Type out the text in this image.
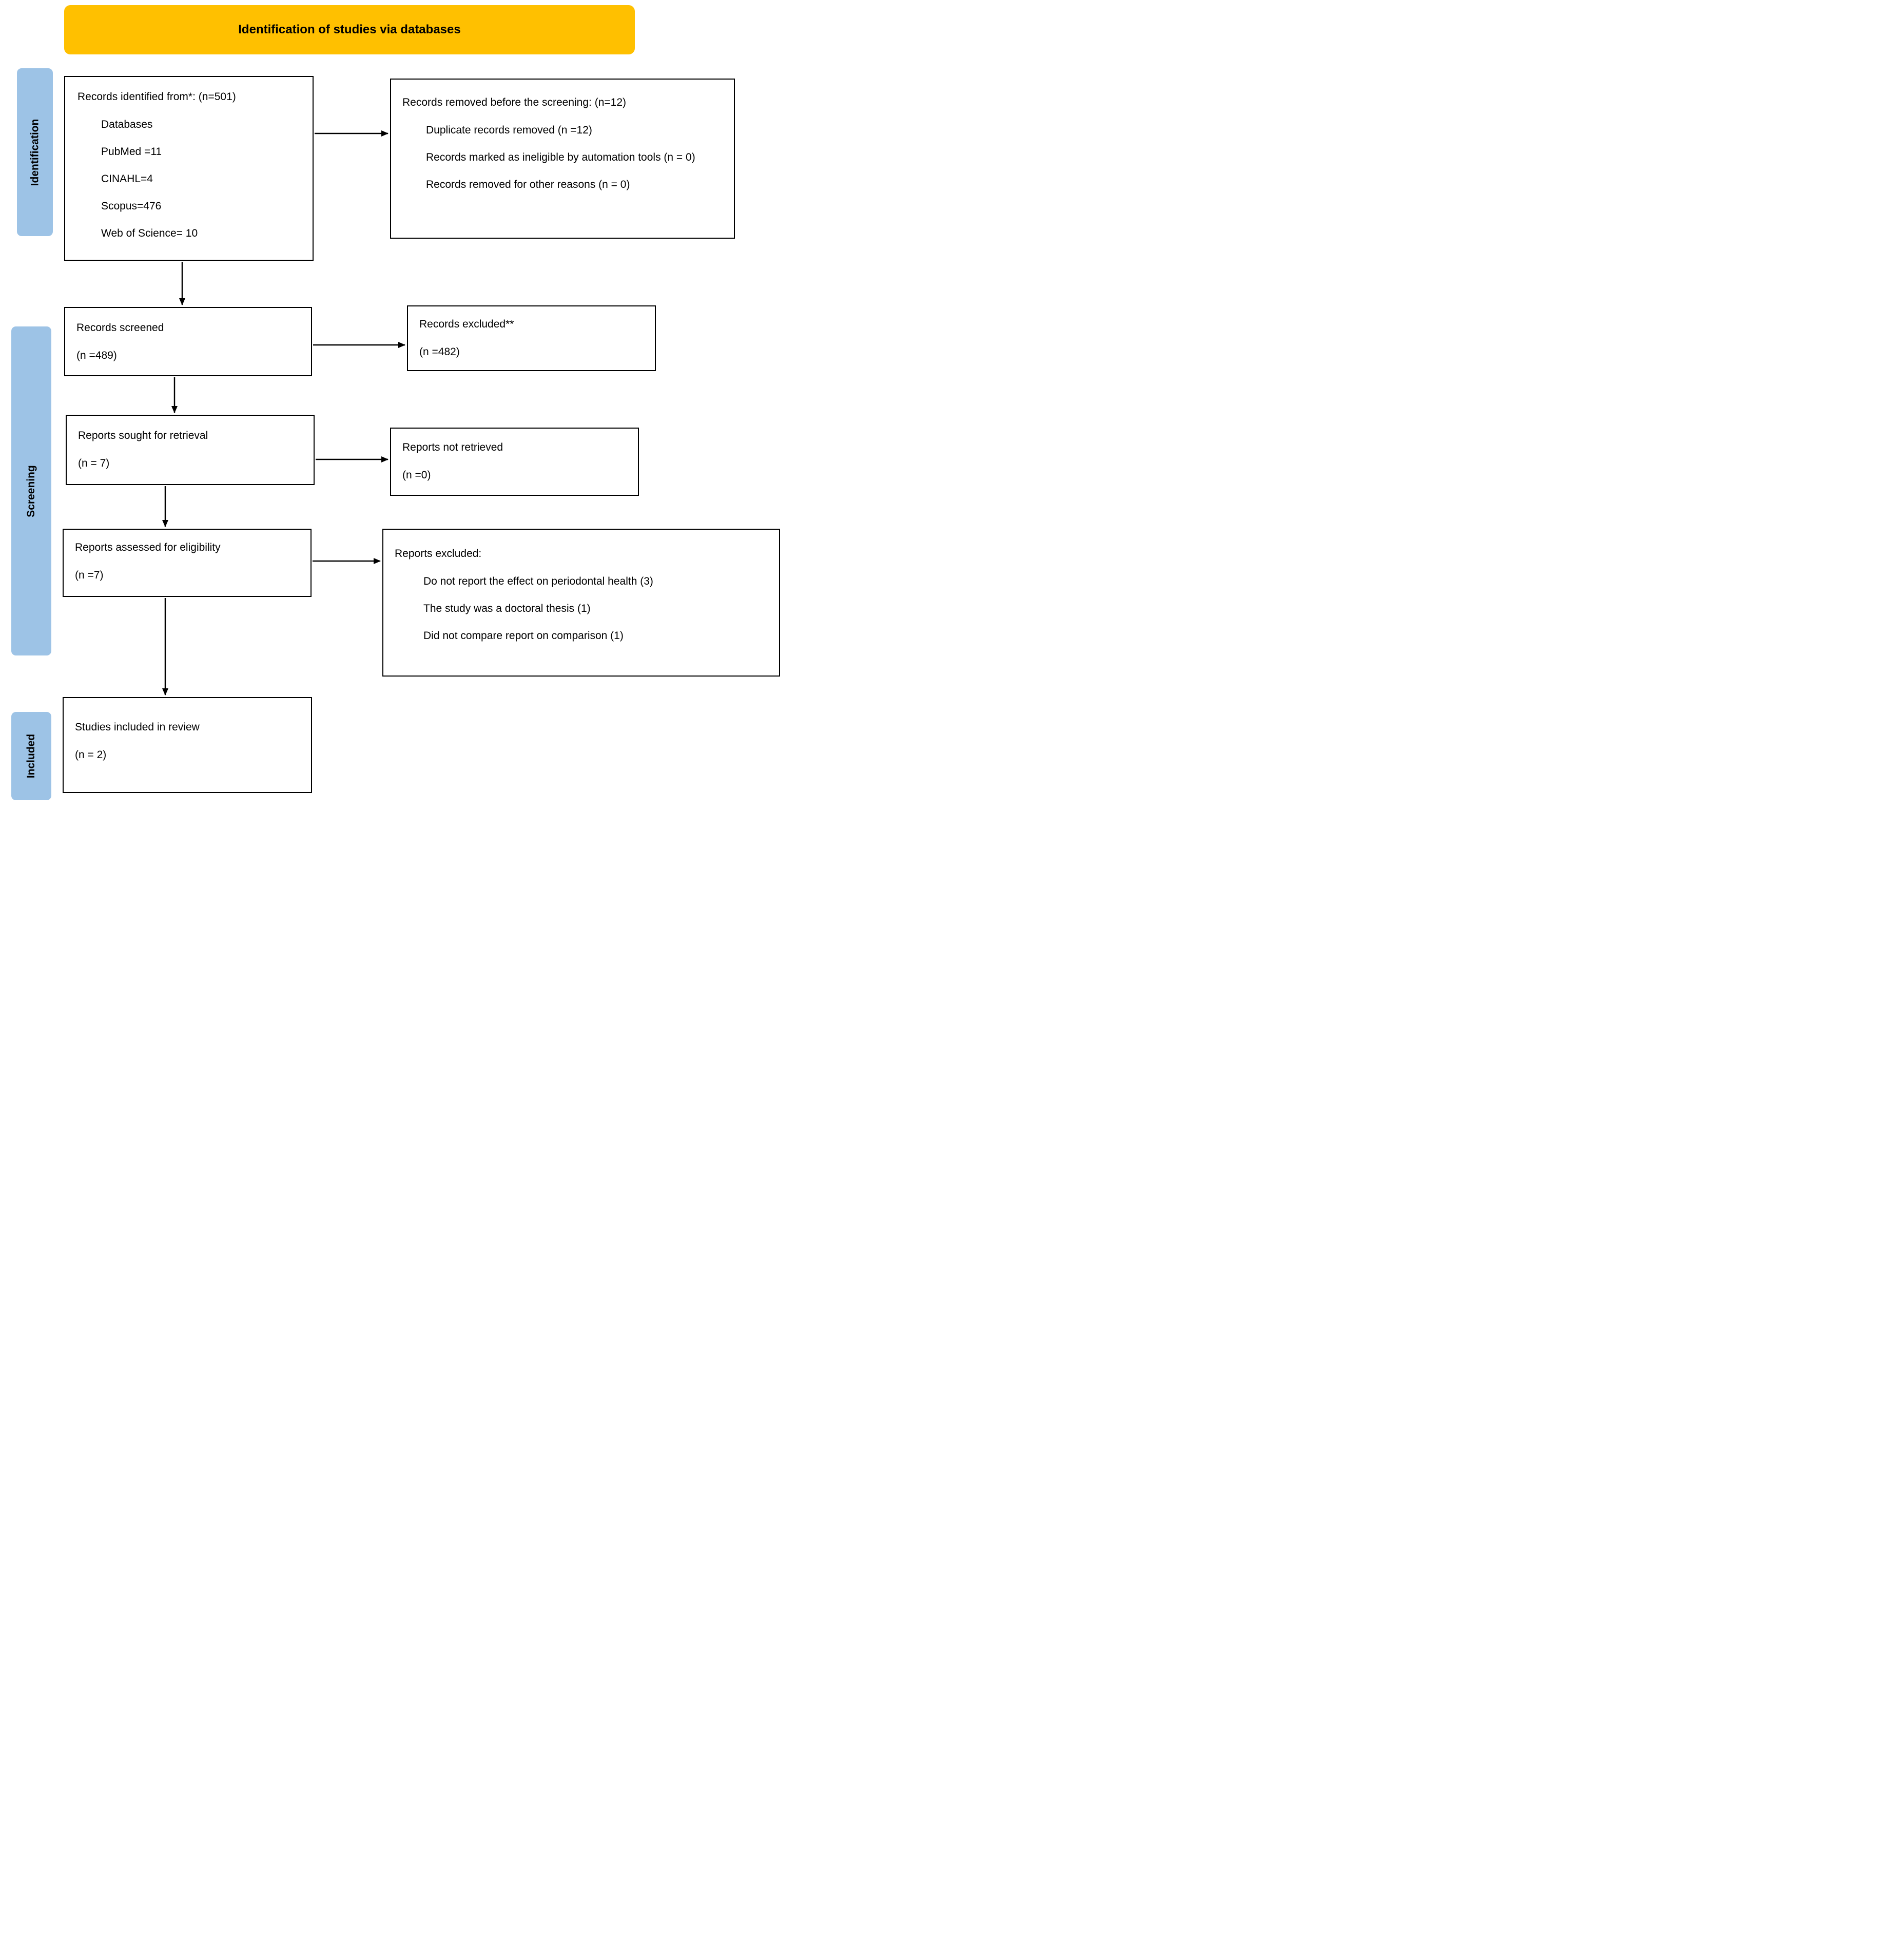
Identification of studies via databases
Identification
Screening
Included
Records identified from*: (n=501)
Databases
PubMed =11
CINAHL=4
Scopus=476
Web of Science= 10
Records removed before the screening: (n=12)
Duplicate records removed (n =12)
Records marked as ineligible by automation tools (n = 0)
Records removed for other reasons (n = 0)
Records screened
(n =489)
Records excluded**
(n =482)
Reports sought for retrieval
(n = 7)
Reports not retrieved
(n =0)
Reports assessed for eligibility
(n =7)
Reports excluded:
Do not report the effect on periodontal health (3)
The study was a doctoral thesis (1)
Did not compare report on comparison (1)
Studies included in review
(n = 2)
